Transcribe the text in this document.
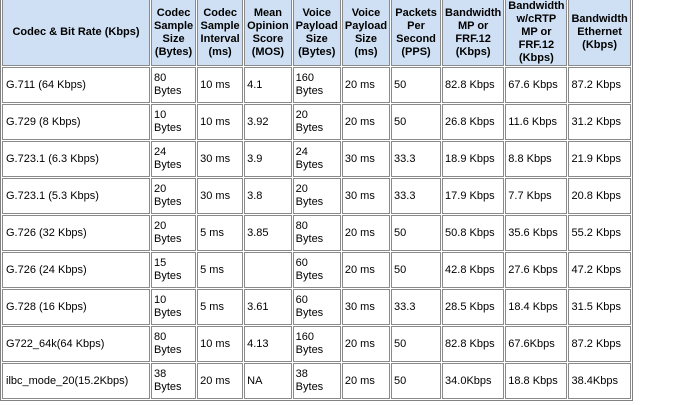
Codec & Bit Rate (Kbps)	Codec Sample Size (Bytes)	Codec Sample Interval (ms)	Mean Opinion Score (MOS)	Voice Payload Size (Bytes)	Voice Payload Size (ms)	Packets Per Second (PPS)	Bandwidth MP or FRF.12 (Kbps)	Bandwidth w/cRTP MP or FRF.12 (Kbps)	Bandwidth Ethernet (Kbps)
G.711 (64 Kbps)	80 Bytes	10 ms	4.1	160 Bytes	20 ms	50	82.8 Kbps	67.6 Kbps	87.2 Kbps
G.729 (8 Kbps)	10 Bytes	10 ms	3.92	20 Bytes	20 ms	50	26.8 Kbps	11.6 Kbps	31.2 Kbps
G.723.1 (6.3 Kbps)	24 Bytes	30 ms	3.9	24 Bytes	30 ms	33.3	18.9 Kbps	8.8 Kbps	21.9 Kbps
G.723.1 (5.3 Kbps)	20 Bytes	30 ms	3.8	20 Bytes	30 ms	33.3	17.9 Kbps	7.7 Kbps	20.8 Kbps
G.726 (32 Kbps)	20 Bytes	5 ms	3.85	80 Bytes	20 ms	50	50.8 Kbps	35.6 Kbps	55.2 Kbps
G.726 (24 Kbps)	15 Bytes	5 ms		60 Bytes	20 ms	50	42.8 Kbps	27.6 Kbps	47.2 Kbps
G.728 (16 Kbps)	10 Bytes	5 ms	3.61	60 Bytes	30 ms	33.3	28.5 Kbps	18.4 Kbps	31.5 Kbps
G722_64k(64 Kbps)	80 Bytes	10 ms	4.13	160 Bytes	20 ms	50	82.8 Kbps	67.6Kbps	87.2 Kbps
ilbc_mode_20(15.2Kbps)	38 Bytes	20 ms	NA	38 Bytes	20 ms	50	34.0Kbps	18.8 Kbps	38.4Kbps
